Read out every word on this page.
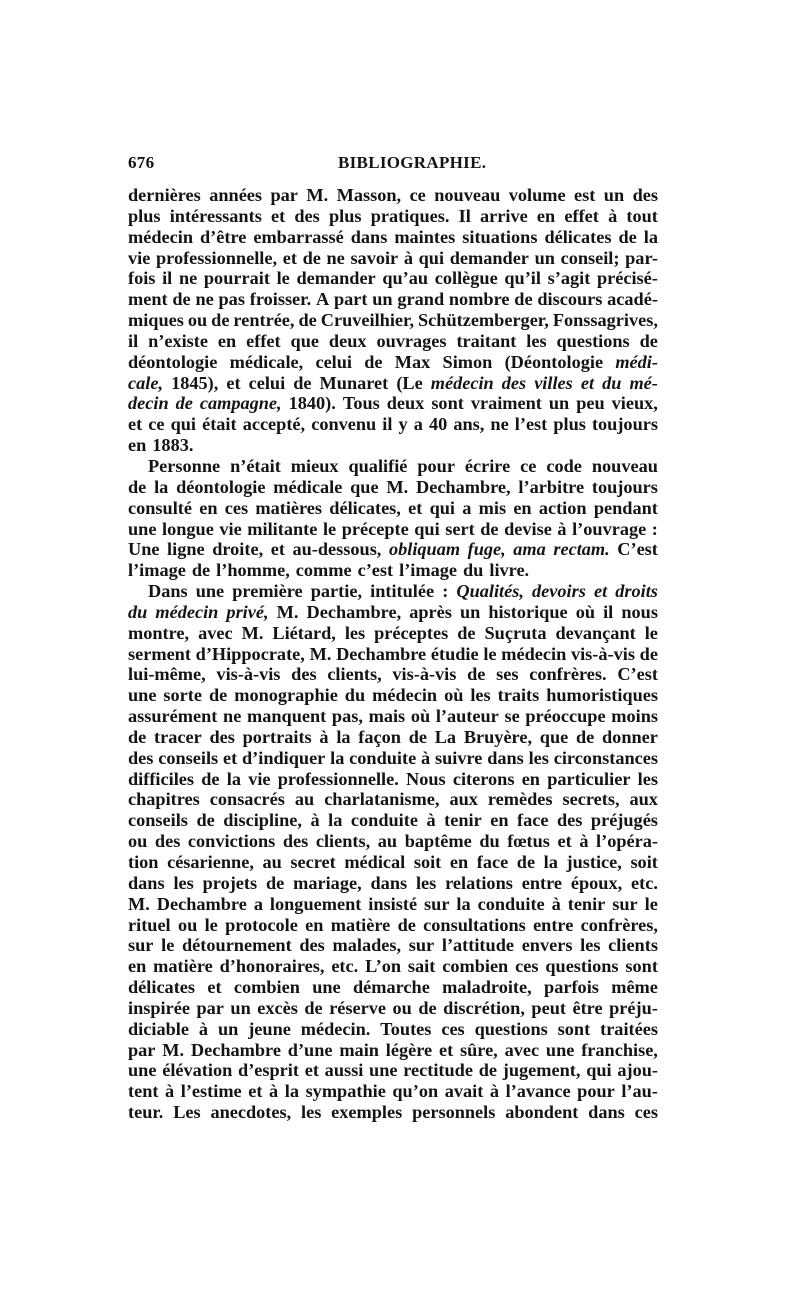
676	BIBLIOGRAPHIE.
dernières années par M. Masson, ce nouveau volume est un des
plus intéressants et des plus pratiques. Il arrive en effet à tout
médecin d’être embarrassé dans maintes situations délicates de la
vie professionnelle, et de ne savoir à qui demander un conseil; par-
fois il ne pourrait le demander qu’au collègue qu’il s’agit précisé-
ment de ne pas froisser. A part un grand nombre de discours acadé-
miques ou de rentrée, de Cruveilhier, Schützemberger, Fonssagrives,
il n’existe en effet que deux ouvrages traitant les questions de
déontologie médicale, celui de Max Simon (Déontologie médi-
cale, 1845), et celui de Munaret (Le médecin des villes et du mé-
decin de campagne, 1840). Tous deux sont vraiment un peu vieux,
et ce qui était accepté, convenu il y a 40 ans, ne l’est plus toujours
en 1883.
Personne n’était mieux qualifié pour écrire ce code nouveau
de la déontologie médicale que M. Dechambre, l’arbitre toujours
consulté en ces matières délicates, et qui a mis en action pendant
une longue vie militante le précepte qui sert de devise à l’ouvrage :
Une ligne droite, et au-dessous, obliquam fuge, ama rectam. C’est
l’image de l’homme, comme c’est l’image du livre.
Dans une première partie, intitulée : Qualités, devoirs et droits
du médecin privé, M. Dechambre, après un historique où il nous
montre, avec M. Liétard, les préceptes de Suçruta devançant le
serment d’Hippocrate, M. Dechambre étudie le médecin vis-à-vis de
lui-même, vis-à-vis des clients, vis-à-vis de ses confrères. C’est
une sorte de monographie du médecin où les traits humoristiques
assurément ne manquent pas, mais où l’auteur se préoccupe moins
de tracer des portraits à la façon de La Bruyère, que de donner
des conseils et d’indiquer la conduite à suivre dans les circonstances
difficiles de la vie professionnelle. Nous citerons en particulier les
chapitres consacrés au charlatanisme, aux remèdes secrets, aux
conseils de discipline, à la conduite à tenir en face des préjugés
ou des convictions des clients, au baptême du fœtus et à l’opéra-
tion césarienne, au secret médical soit en face de la justice, soit
dans les projets de mariage, dans les relations entre époux, etc.
M. Dechambre a longuement insisté sur la conduite à tenir sur le
rituel ou le protocole en matière de consultations entre confrères,
sur le détournement des malades, sur l’attitude envers les clients
en matière d’honoraires, etc. L’on sait combien ces questions sont
délicates et combien une démarche maladroite, parfois même
inspirée par un excès de réserve ou de discrétion, peut être préju-
diciable à un jeune médecin. Toutes ces questions sont traitées
par M. Dechambre d’une main légère et sûre, avec une franchise,
une élévation d’esprit et aussi une rectitude de jugement, qui ajou-
tent à l’estime et à la sympathie qu’on avait à l’avance pour l’au-
teur. Les anecdotes, les exemples personnels abondent dans ces
